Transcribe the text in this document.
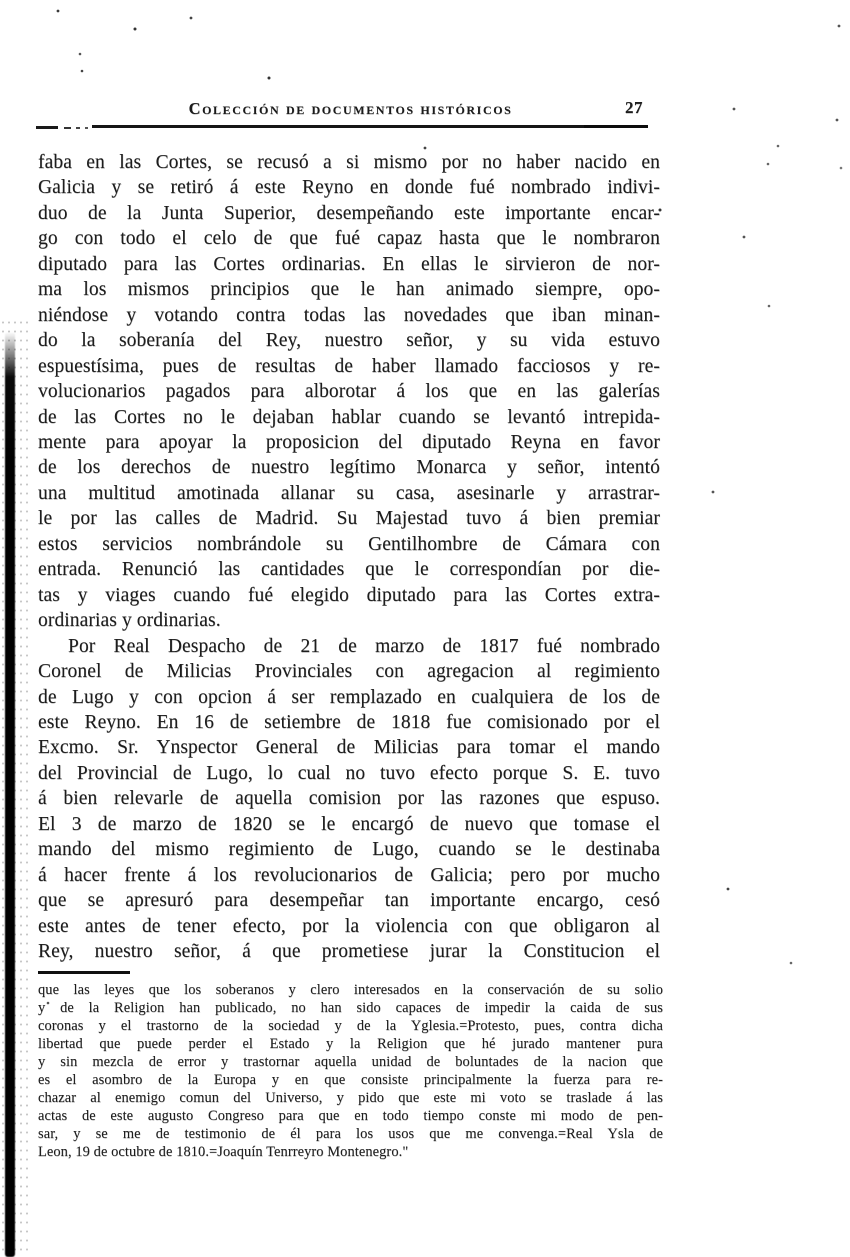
Colección de documentos históricos	27
faba en las Cortes, se recusó a si mismo por no haber nacido en
Galicia y se retiró á este Reyno en donde fué nombrado indivi-
duo de la Junta Superior, desempeñando este importante encar-
go con todo el celo de que fué capaz hasta que le nombraron
diputado para las Cortes ordinarias. En ellas le sirvieron de nor-
ma los mismos principios que le han animado siempre, opo-
niéndose y votando contra todas las novedades que iban minan-
do la soberanía del Rey, nuestro señor, y su vida estuvo
espuestísima, pues de resultas de haber llamado facciosos y re-
volucionarios pagados para alborotar á los que en las galerías
de las Cortes no le dejaban hablar cuando se levantó intrepida-
mente para apoyar la proposicion del diputado Reyna en favor
de los derechos de nuestro legítimo Monarca y señor, intentó
una multitud amotinada allanar su casa, asesinarle y arrastrar-
le por las calles de Madrid. Su Majestad tuvo á bien premiar
estos servicios nombrándole su Gentilhombre de Cámara con
entrada. Renunció las cantidades que le correspondían por die-
tas y viages cuando fué elegido diputado para las Cortes extra-
ordinarias y ordinarias.
Por Real Despacho de 21 de marzo de 1817 fué nombrado
Coronel de Milicias Provinciales con agregacion al regimiento
de Lugo y con opcion á ser remplazado en cualquiera de los de
este Reyno. En 16 de setiembre de 1818 fue comisionado por el
Excmo. Sr. Ynspector General de Milicias para tomar el mando
del Provincial de Lugo, lo cual no tuvo efecto porque S. E. tuvo
á bien relevarle de aquella comision por las razones que espuso.
El 3 de marzo de 1820 se le encargó de nuevo que tomase el
mando del mismo regimiento de Lugo, cuando se le destinaba
á hacer frente á los revolucionarios de Galicia; pero por mucho
que se apresuró para desempeñar tan importante encargo, cesó
este antes de tener efecto, por la violencia con que obligaron al
Rey, nuestro señor, á que prometiese jurar la Constitucion el
que las leyes que los soberanos y clero interesados en la conservación de su solio
y de la Religion han publicado, no han sido capaces de impedir la caida de sus
coronas y el trastorno de la sociedad y de la Yglesia.=Protesto, pues, contra dicha
libertad que puede perder el Estado y la Religion que hé jurado mantener pura
y sin mezcla de error y trastornar aquella unidad de boluntades de la nacion que
es el asombro de la Europa y en que consiste principalmente la fuerza para re-
chazar al enemigo comun del Universo, y pido que este mi voto se traslade á las
actas de este augusto Congreso para que en todo tiempo conste mi modo de pen-
sar, y se me de testimonio de él para los usos que me convenga.=Real Ysla de
Leon, 19 de octubre de 1810.=Joaquín Tenrreyro Montenegro."
